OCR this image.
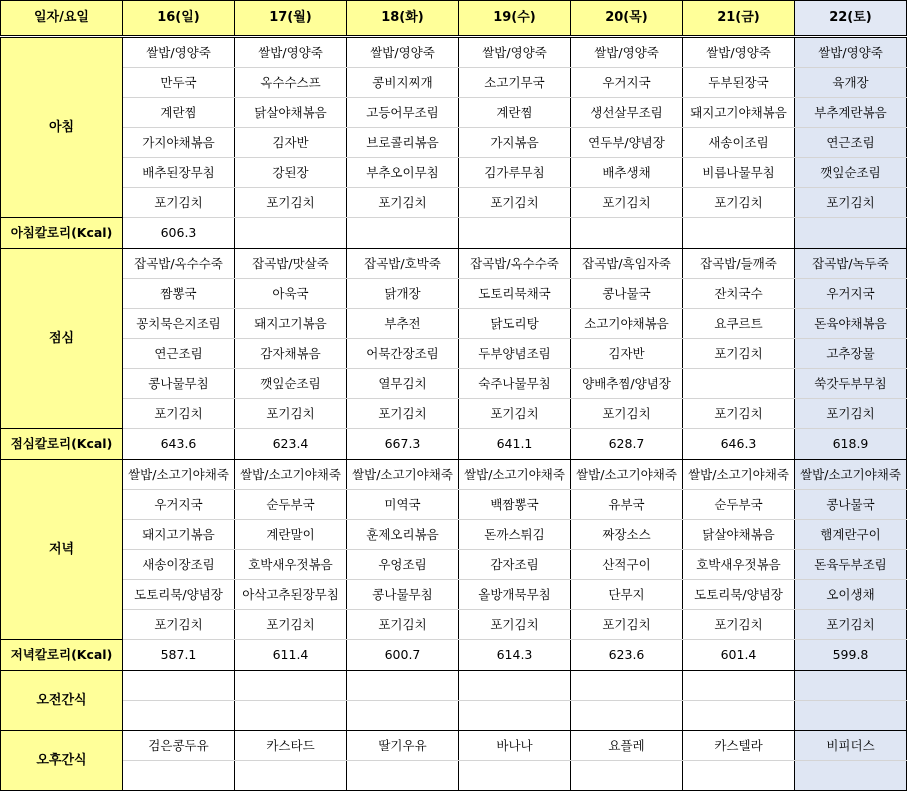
일자/요일	16(일)	17(월)	18(화)	19(수)	20(목)	21(금)	22(토)
아침	쌀밥/영양죽	쌀밥/영양죽	쌀밥/영양죽	쌀밥/영양죽	쌀밥/영양죽	쌀밥/영양죽	쌀밥/영양죽
	만두국	옥수수스프	콩비지찌개	소고기무국	우거지국	두부된장국	육개장
	계란찜	닭살야채볶음	고등어무조림	계란찜	생선살무조림	돼지고기야채볶음	부추계란볶음
	가지야채볶음	김자반	브로콜리볶음	가지볶음	연두부/양념장	새송이조림	연근조림
	배추된장무침	강된장	부추오이무침	김가루무침	배추생채	비름나물무침	깻잎순조림
	포기김치	포기김치	포기김치	포기김치	포기김치	포기김치	포기김치
아침칼로리(Kcal)	606.3						
점심	잡곡밥/옥수수죽	잡곡밥/맛살죽	잡곡밥/호박죽	잡곡밥/옥수수죽	잡곡밥/흑임자죽	잡곡밥/들깨죽	잡곡밥/녹두죽
	짬뽕국	아욱국	닭개장	도토리묵채국	콩나물국	잔치국수	우거지국
	꽁치묵은지조림	돼지고기볶음	부추전	닭도리탕	소고기야채볶음	요쿠르트	돈육야채볶음
	연근조림	감자채볶음	어묵간장조림	두부양념조림	김자반	포기김치	고추장물
	콩나물무침	깻잎순조림	열무김치	숙주나물무침	양배추찜/양념장		쑥갓두부무침
	포기김치	포기김치	포기김치	포기김치	포기김치	포기김치	포기김치
점심칼로리(Kcal)	643.6	623.4	667.3	641.1	628.7	646.3	618.9
저녁	쌀밥/소고기야채죽	쌀밥/소고기야채죽	쌀밥/소고기야채죽	쌀밥/소고기야채죽	쌀밥/소고기야채죽	쌀밥/소고기야채죽	쌀밥/소고기야채죽
	우거지국	순두부국	미역국	백짬뽕국	유부국	순두부국	콩나물국
	돼지고기볶음	계란말이	훈제오리볶음	돈까스튀김	짜장소스	닭살야채볶음	햄계란구이
	새송이장조림	호박새우젓볶음	우엉조림	감자조림	산적구이	호박새우젓볶음	돈육두부조림
	도토리묵/양념장	아삭고추된장무침	콩나물무침	올방개묵무침	단무지	도토리묵/양념장	오이생채
	포기김치	포기김치	포기김치	포기김치	포기김치	포기김치	포기김치
저녁칼로리(Kcal)	587.1	611.4	600.7	614.3	623.6	601.4	599.8
오전간식							

오후간식	검은콩두유	카스타드	딸기우유	바나나	요플레	카스텔라	비피더스
